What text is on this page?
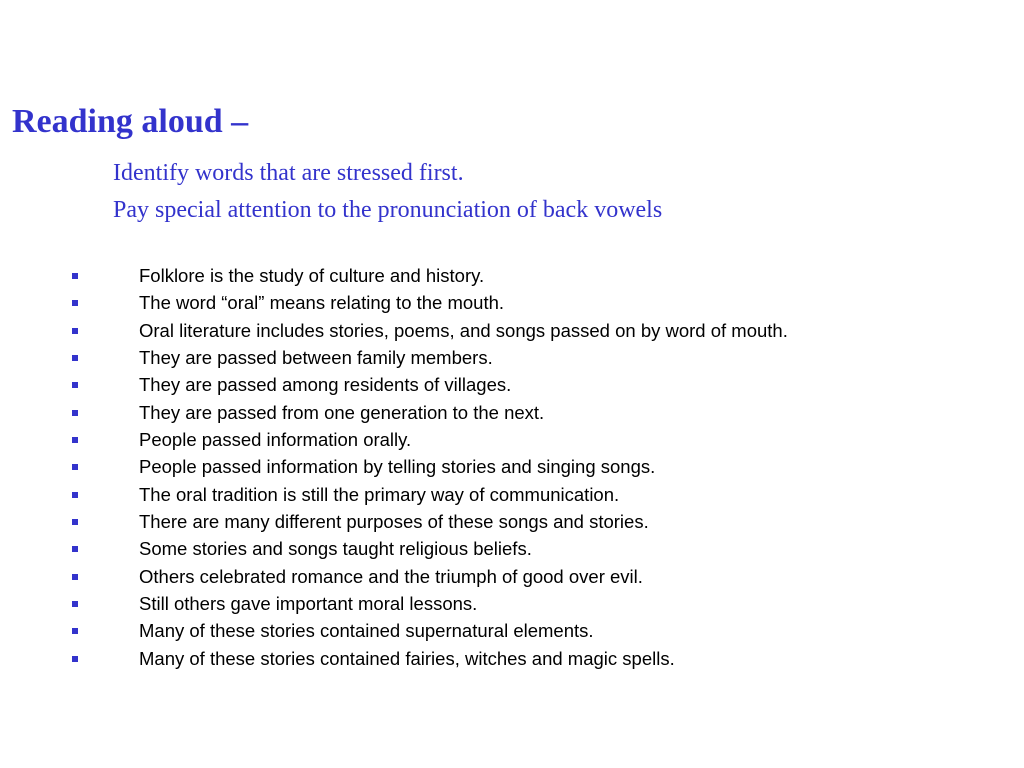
Reading aloud –

Identify words that are stressed first.

Pay special attention to the pronunciation of back vowels

Folklore is the study of culture and history.
The word “oral” means relating to the mouth.
Oral literature includes stories, poems, and songs passed on by word of mouth.
They are passed between family members.
They are passed among residents of villages.
They are passed from one generation to the next.
People passed information orally.
People passed information by telling stories and singing songs.
The oral tradition is still the primary way of communication.
There are many different purposes of these songs and stories.
Some stories and songs taught religious beliefs.
Others celebrated romance and the triumph of good over evil.
Still others gave important moral lessons.
Many of these stories contained supernatural elements.
Many of these stories contained fairies, witches and magic spells.
